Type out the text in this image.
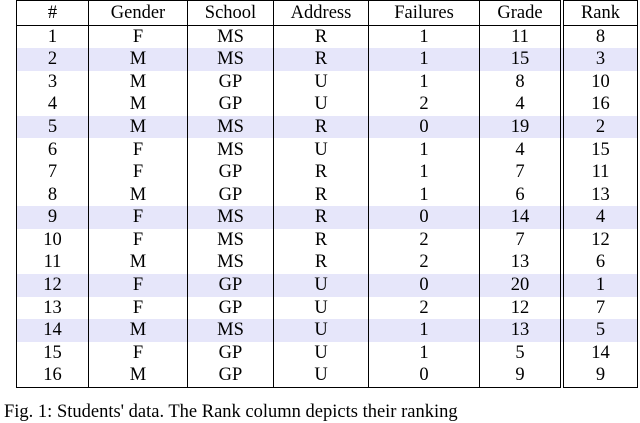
#	Gender	School	Address	Failures	Grade	Rank
1	F	MS	R	1	11	8
2	M	MS	R	1	15	3
3	M	GP	U	1	8	10
4	M	GP	U	2	4	16
5	M	MS	R	0	19	2
6	F	MS	U	1	4	15
7	F	GP	R	1	7	11
8	M	GP	R	1	6	13
9	F	MS	R	0	14	4
10	F	MS	R	2	7	12
11	M	MS	R	2	13	6
12	F	GP	U	0	20	1
13	F	GP	U	2	12	7
14	M	MS	U	1	13	5
15	F	GP	U	1	5	14
16	M	GP	U	0	9	9
Fig. 1: Students' data. The Rank column depicts their ranking
